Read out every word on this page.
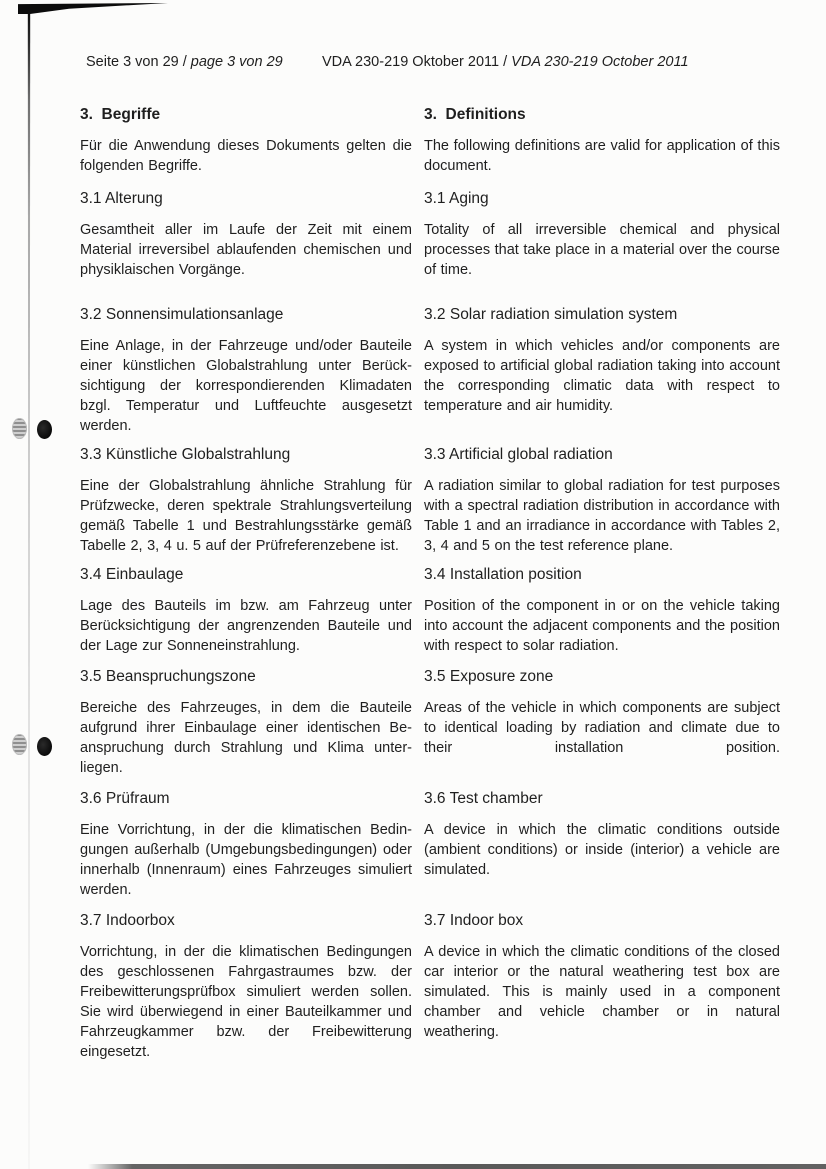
Seite 3 von 29 / page 3 von 29	VDA 230-219 Oktober 2011 / VDA 230-219 October 2011
3.  Begriffe

Für die Anwendung dieses Dokuments gelten die folgenden Begriffe.

3.  Definitions

The following definitions are valid for application of this document.

3.1 Alterung

Gesamtheit aller im Laufe der Zeit mit einem Material irreversibel ablaufenden chemischen und physiklaischen Vorgänge.

3.1 Aging

Totality of all irreversible chemical and physical processes that take place in a material over the course of time.

3.2 Sonnensimulationsanlage

Eine Anlage, in der Fahrzeuge und/oder Bauteile einer künstlichen Globalstrahlung unter Berücksichtigung der korrespondierenden Klimadaten bzgl. Temperatur und Luftfeuchte ausgesetzt werden.

3.2 Solar radiation simulation system

A system in which vehicles and/or components are exposed to artificial global radiation taking into account the corresponding climatic data with respect to temperature and air humidity.

3.3 Künstliche Globalstrahlung

Eine der Globalstrahlung ähnliche Strahlung für Prüfzwecke, deren spektrale Strahlungsverteilung gemäß Tabelle 1 und Bestrahlungsstärke gemäß Tabelle 2, 3, 4 u. 5 auf der Prüfreferenzebene ist.

3.3 Artificial global radiation

A radiation similar to global radiation for test purposes with a spectral radiation distribution in accordance with Table 1 and an irradiance in accordance with Tables 2, 3, 4 and 5 on the test reference plane.

3.4 Einbaulage

Lage des Bauteils im bzw. am Fahrzeug unter Berücksichtigung der angrenzenden Bauteile und der Lage zur Sonneneinstrahlung.

3.4 Installation position

Position of the component in or on the vehicle taking into account the adjacent components and the position with respect to solar radiation.

3.5 Beanspruchungszone

Bereiche des Fahrzeuges, in dem die Bauteile aufgrund ihrer Einbaulage einer identischen Beanspruchung durch Strahlung und Klima unterliegen.

3.5 Exposure zone

Areas of the vehicle in which components are subject to identical loading by radiation and climate due to their installation position.

3.6 Prüfraum

Eine Vorrichtung, in der die klimatischen Bedingungen außerhalb (Umgebungsbedingungen) oder innerhalb (Innenraum) eines Fahrzeuges simuliert werden.

3.6 Test chamber

A device in which the climatic conditions outside (ambient conditions) or inside (interior) a vehicle are simulated.

3.7 Indoorbox

Vorrichtung, in der die klimatischen Bedingungen des geschlossenen Fahrgastraumes bzw. der Freibewitterungsprüfbox simuliert werden sollen. Sie wird überwiegend in einer Bauteilkammer und Fahrzeugkammer bzw. der Freibewitterung eingesetzt.

3.7 Indoor box

A device in which the climatic conditions of the closed car interior or the natural weathering test box are simulated. This is mainly used in a component chamber and vehicle chamber or in natural weathering.
